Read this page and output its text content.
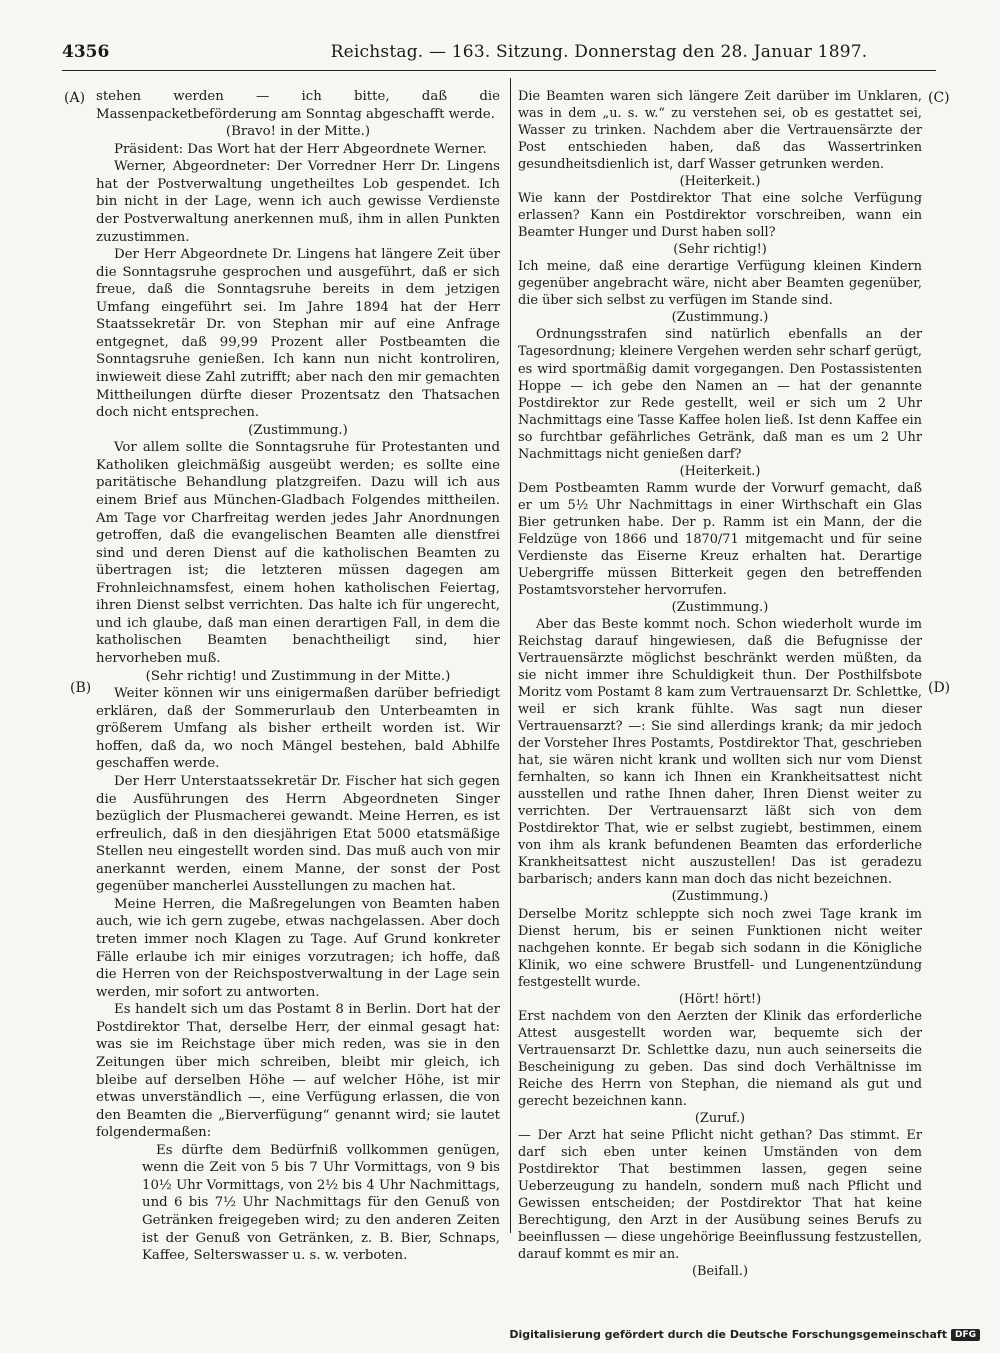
4356	Reichstag. — 163. Sitzung. Donnerstag den 28. Januar 1897.
(A)
(B)
(C)
(D)

stehen werden — ich bitte, daß die Massenpacketbeförderung am Sonntag abgeschafft werde.

(Bravo! in der Mitte.)

Präsident: Das Wort hat der Herr Abgeordnete Werner.

Werner, Abgeordneter: Der Vorredner Herr Dr. Lingens hat der Postverwaltung ungetheiltes Lob gespendet. Ich bin nicht in der Lage, wenn ich auch gewisse Verdienste der Postverwaltung anerkennen muß, ihm in allen Punkten zuzustimmen.

Der Herr Abgeordnete Dr. Lingens hat längere Zeit über die Sonntagsruhe gesprochen und ausgeführt, daß er sich freue, daß die Sonntagsruhe bereits in dem jetzigen Umfang eingeführt sei. Im Jahre 1894 hat der Herr Staatssekretär Dr. von Stephan mir auf eine Anfrage entgegnet, daß 99,99 Prozent aller Postbeamten die Sonntagsruhe genießen. Ich kann nun nicht kontroliren, inwieweit diese Zahl zutrifft; aber nach den mir gemachten Mittheilungen dürfte dieser Prozentsatz den Thatsachen doch nicht entsprechen.

(Zustimmung.)

Vor allem sollte die Sonntagsruhe für Protestanten und Katholiken gleichmäßig ausgeübt werden; es sollte eine paritätische Behandlung platzgreifen. Dazu will ich aus einem Brief aus München-Gladbach Folgendes mittheilen. Am Tage vor Charfreitag werden jedes Jahr Anordnungen getroffen, daß die evangelischen Beamten alle dienstfrei sind und deren Dienst auf die katholischen Beamten zu übertragen ist; die letzteren müssen dagegen am Frohnleichnamsfest, einem hohen katholischen Feiertag, ihren Dienst selbst verrichten. Das halte ich für ungerecht, und ich glaube, daß man einen derartigen Fall, in dem die katholischen Beamten benachtheiligt sind, hier hervorheben muß.

(Sehr richtig! und Zustimmung in der Mitte.)

Weiter können wir uns einigermaßen darüber befriedigt erklären, daß der Sommerurlaub den Unterbeamten in größerem Umfang als bisher ertheilt worden ist. Wir hoffen, daß da, wo noch Mängel bestehen, bald Abhilfe geschaffen werde.

Der Herr Unterstaatssekretär Dr. Fischer hat sich gegen die Ausführungen des Herrn Abgeordneten Singer bezüglich der Plusmacherei gewandt. Meine Herren, es ist erfreulich, daß in den diesjährigen Etat 5000 etatsmäßige Stellen neu eingestellt worden sind. Das muß auch von mir anerkannt werden, einem Manne, der sonst der Post gegenüber mancherlei Ausstellungen zu machen hat.

Meine Herren, die Maßregelungen von Beamten haben auch, wie ich gern zugebe, etwas nachgelassen. Aber doch treten immer noch Klagen zu Tage. Auf Grund konkreter Fälle erlaube ich mir einiges vorzutragen; ich hoffe, daß die Herren von der Reichspostverwaltung in der Lage sein werden, mir sofort zu antworten.

Es handelt sich um das Postamt 8 in Berlin. Dort hat der Postdirektor That, derselbe Herr, der einmal gesagt hat: was sie im Reichstage über mich reden, was sie in den Zeitungen über mich schreiben, bleibt mir gleich, ich bleibe auf derselben Höhe — auf welcher Höhe, ist mir etwas unverständlich —, eine Verfügung erlassen, die von den Beamten die „Bierverfügung“ genannt wird; sie lautet folgendermaßen:

Es dürfte dem Bedürfniß vollkommen genügen, wenn die Zeit von 5 bis 7 Uhr Vormittags, von 9 bis 10½ Uhr Vormittags, von 2½ bis 4 Uhr Nachmittags, und 6 bis 7½ Uhr Nachmittags für den Genuß von Getränken freigegeben wird; zu den anderen Zeiten ist der Genuß von Getränken, z. B. Bier, Schnaps, Kaffee, Selterswasser u. s. w. verboten.

Die Beamten waren sich längere Zeit darüber im Unklaren, was in dem „u. s. w.“ zu verstehen sei, ob es gestattet sei, Wasser zu trinken. Nachdem aber die Vertrauensärzte der Post entschieden haben, daß das Wassertrinken gesundheitsdienlich ist, darf Wasser getrunken werden.

(Heiterkeit.)

Wie kann der Postdirektor That eine solche Verfügung erlassen? Kann ein Postdirektor vorschreiben, wann ein Beamter Hunger und Durst haben soll?

(Sehr richtig!)

Ich meine, daß eine derartige Verfügung kleinen Kindern gegenüber angebracht wäre, nicht aber Beamten gegenüber, die über sich selbst zu verfügen im Stande sind.

(Zustimmung.)

Ordnungsstrafen sind natürlich ebenfalls an der Tagesordnung; kleinere Vergehen werden sehr scharf gerügt, es wird sportmäßig damit vorgegangen. Den Postassistenten Hoppe — ich gebe den Namen an — hat der genannte Postdirektor zur Rede gestellt, weil er sich um 2 Uhr Nachmittags eine Tasse Kaffee holen ließ. Ist denn Kaffee ein so furchtbar gefährliches Getränk, daß man es um 2 Uhr Nachmittags nicht genießen darf?

(Heiterkeit.)

Dem Postbeamten Ramm wurde der Vorwurf gemacht, daß er um 5½ Uhr Nachmittags in einer Wirthschaft ein Glas Bier getrunken habe. Der p. Ramm ist ein Mann, der die Feldzüge von 1866 und 1870/71 mitgemacht und für seine Verdienste das Eiserne Kreuz erhalten hat. Derartige Uebergriffe müssen Bitterkeit gegen den betreffenden Postamtsvorsteher hervorrufen.

(Zustimmung.)

Aber das Beste kommt noch. Schon wiederholt wurde im Reichstag darauf hingewiesen, daß die Befugnisse der Vertrauensärzte möglichst beschränkt werden müßten, da sie nicht immer ihre Schuldigkeit thun. Der Posthilfsbote Moritz vom Postamt 8 kam zum Vertrauensarzt Dr. Schlettke, weil er sich krank fühlte. Was sagt nun dieser Vertrauensarzt? —: Sie sind allerdings krank; da mir jedoch der Vorsteher Ihres Postamts, Postdirektor That, geschrieben hat, sie wären nicht krank und wollten sich nur vom Dienst fernhalten, so kann ich Ihnen ein Krankheitsattest nicht ausstellen und rathe Ihnen daher, Ihren Dienst weiter zu verrichten. Der Vertrauensarzt läßt sich von dem Postdirektor That, wie er selbst zugiebt, bestimmen, einem von ihm als krank befundenen Beamten das erforderliche Krankheitsattest nicht auszustellen! Das ist geradezu barbarisch; anders kann man doch das nicht bezeichnen.

(Zustimmung.)

Derselbe Moritz schleppte sich noch zwei Tage krank im Dienst herum, bis er seinen Funktionen nicht weiter nachgehen konnte. Er begab sich sodann in die Königliche Klinik, wo eine schwere Brustfell- und Lungenentzündung festgestellt wurde.

(Hört! hört!)

Erst nachdem von den Aerzten der Klinik das erforderliche Attest ausgestellt worden war, bequemte sich der Vertrauensarzt Dr. Schlettke dazu, nun auch seinerseits die Bescheinigung zu geben. Das sind doch Verhältnisse im Reiche des Herrn von Stephan, die niemand als gut und gerecht bezeichnen kann.

(Zuruf.)

— Der Arzt hat seine Pflicht nicht gethan? Das stimmt. Er darf sich eben unter keinen Umständen von dem Postdirektor That bestimmen lassen, gegen seine Ueberzeugung zu handeln, sondern muß nach Pflicht und Gewissen entscheiden; der Postdirektor That hat keine Berechtigung, den Arzt in der Ausübung seines Berufs zu beeinflussen — diese ungehörige Beeinflussung festzustellen, darauf kommt es mir an.

(Beifall.)

Digitalisierung gefördert durch die Deutsche Forschungsgemeinschaft DFG
